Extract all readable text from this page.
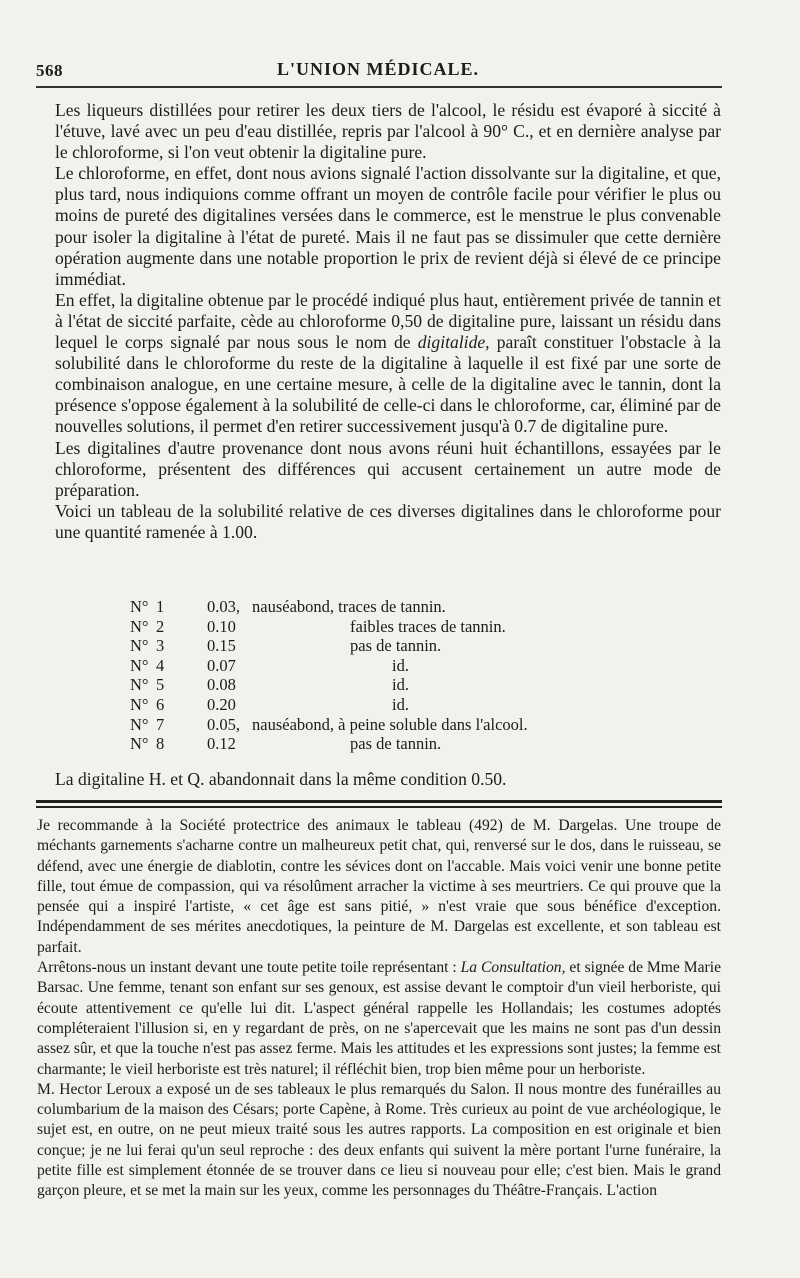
568	L'UNION MÉDICALE.

Les liqueurs distillées pour retirer les deux tiers de l'alcool, le résidu est évaporé à siccité à l'étuve, lavé avec un peu d'eau distillée, repris par l'alcool à 90° C., et en dernière analyse par le chloroforme, si l'on veut obtenir la digitaline pure.

Le chloroforme, en effet, dont nous avions signalé l'action dissolvante sur la digitaline, et que, plus tard, nous indiquions comme offrant un moyen de contrôle facile pour vérifier le plus ou moins de pureté des digitalines versées dans le commerce, est le menstrue le plus convenable pour isoler la digitaline à l'état de pureté. Mais il ne faut pas se dissimuler que cette dernière opération augmente dans une notable proportion le prix de revient déjà si élevé de ce principe immédiat.

En effet, la digitaline obtenue par le procédé indiqué plus haut, entièrement privée de tannin et à l'état de siccité parfaite, cède au chloroforme 0,50 de digitaline pure, laissant un résidu dans lequel le corps signalé par nous sous le nom de digitalide, paraît constituer l'obstacle à la solubilité dans le chloroforme du reste de la digitaline à laquelle il est fixé par une sorte de combinaison analogue, en une certaine mesure, à celle de la digitaline avec le tannin, dont la présence s'oppose également à la solubilité de celle-ci dans le chloroforme, car, éliminé par de nouvelles solutions, il permet d'en retirer successivement jusqu'à 0.7 de digitaline pure.

Les digitalines d'autre provenance dont nous avons réuni huit échantillons, essayées par le chloroforme, présentent des différences qui accusent certainement un autre mode de préparation.

Voici un tableau de la solubilité relative de ces diverses digitalines dans le chloroforme pour une quantité ramenée à 1.00.

N° 1	0.03, nauséabond, traces de tannin.
N° 2	0.10	faibles traces de tannin.
N° 3	0.15	pas de tannin.
N° 4	0.07	id.
N° 5	0.08	id.
N° 6	0.20	id.
N° 7	0.05, nauséabond, à peine soluble dans l'alcool.
N° 8	0.12	pas de tannin.
La digitaline H. et Q. abandonnait dans la même condition 0.50.

Je recommande à la Société protectrice des animaux le tableau (492) de M. Dargelas. Une troupe de méchants garnements s'acharne contre un malheureux petit chat, qui, renversé sur le dos, dans le ruisseau, se défend, avec une énergie de diablotin, contre les sévices dont on l'accable. Mais voici venir une bonne petite fille, tout émue de compassion, qui va résolûment arracher la victime à ses meurtriers. Ce qui prouve que la pensée qui a inspiré l'artiste, « cet âge est sans pitié, » n'est vraie que sous bénéfice d'exception. Indépendamment de ses mérites anecdotiques, la peinture de M. Dargelas est excellente, et son tableau est parfait.

Arrêtons-nous un instant devant une toute petite toile représentant : La Consultation, et signée de Mme Marie Barsac. Une femme, tenant son enfant sur ses genoux, est assise devant le comptoir d'un vieil herboriste, qui écoute attentivement ce qu'elle lui dit. L'aspect général rappelle les Hollandais; les costumes adoptés compléteraient l'illusion si, en y regardant de près, on ne s'apercevait que les mains ne sont pas d'un dessin assez sûr, et que la touche n'est pas assez ferme. Mais les attitudes et les expressions sont justes; la femme est charmante; le vieil herboriste est très naturel; il réfléchit bien, trop bien même pour un herboriste.

M. Hector Leroux a exposé un de ses tableaux le plus remarqués du Salon. Il nous montre des funérailles au columbarium de la maison des Césars; porte Capène, à Rome. Très curieux au point de vue archéologique, le sujet est, en outre, on ne peut mieux traité sous les autres rapports. La composition en est originale et bien conçue; je ne lui ferai qu'un seul reproche : des deux enfants qui suivent la mère portant l'urne funéraire, la petite fille est simplement étonnée de se trouver dans ce lieu si nouveau pour elle; c'est bien. Mais le grand garçon pleure, et se met la main sur les yeux, comme les personnages du Théâtre-Français. L'action
